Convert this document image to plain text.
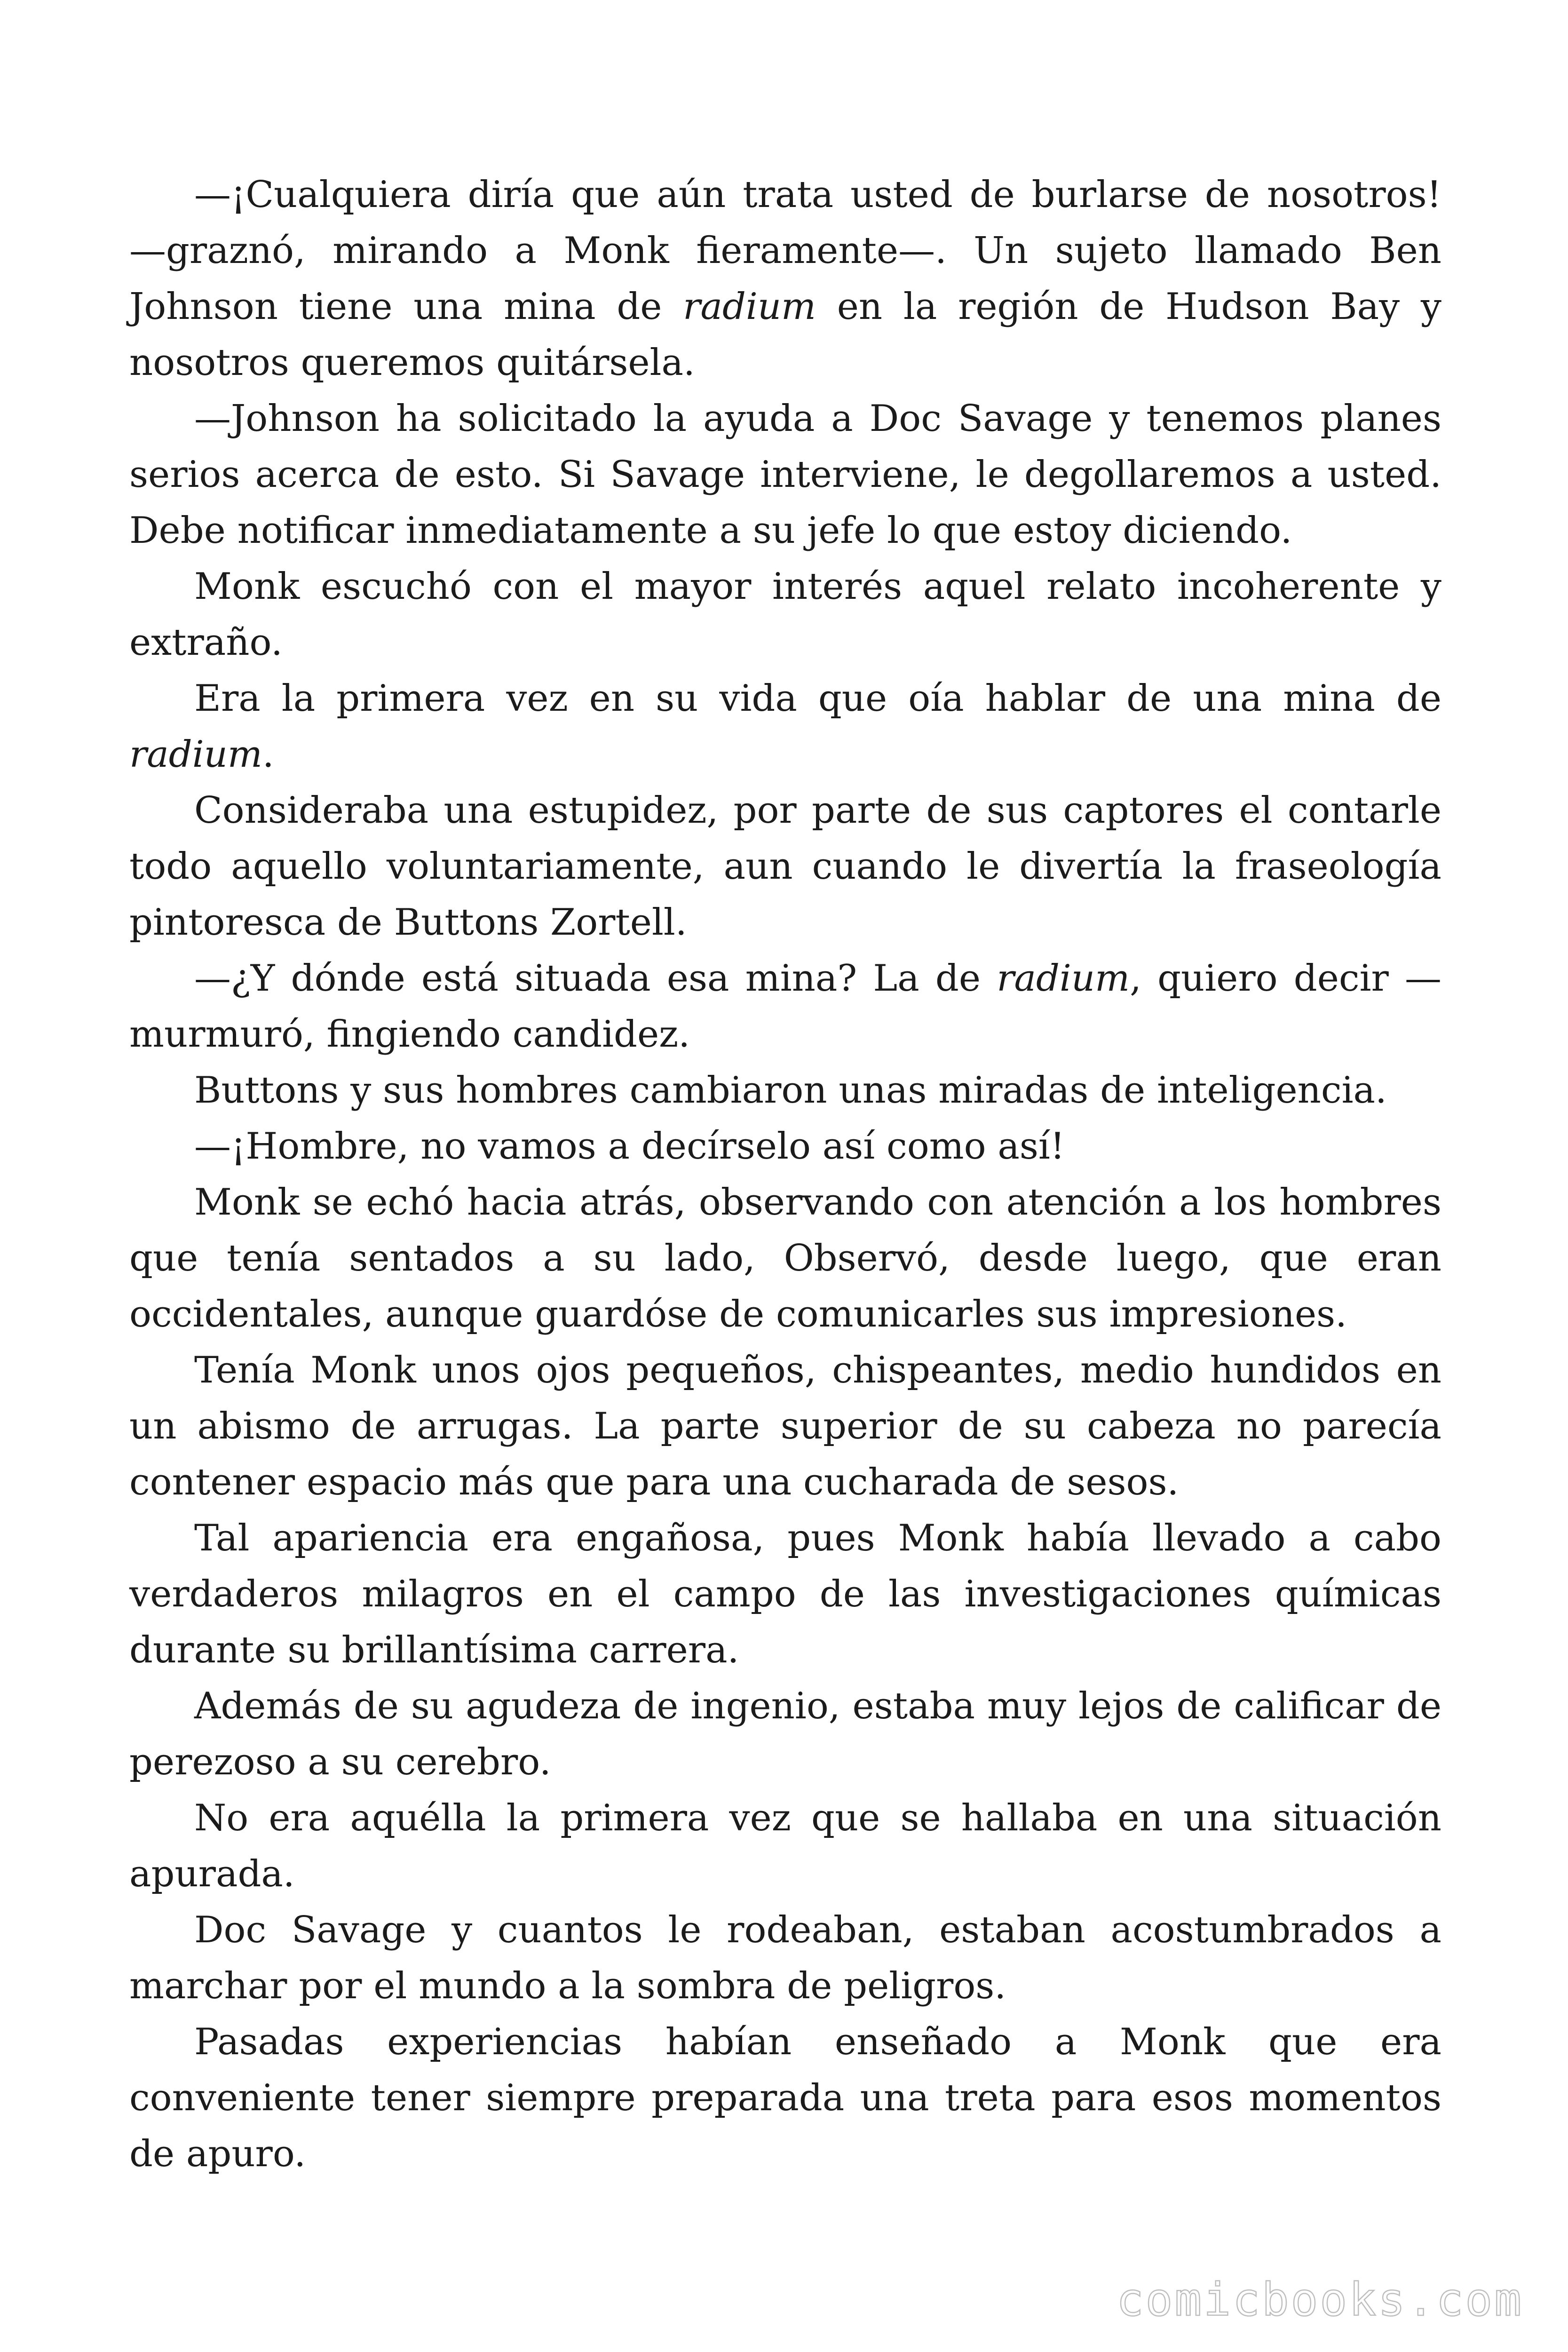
—¡Cualquiera diría que aún trata usted de burlarse de nosotros! —graznó, mirando a Monk fieramente—. Un sujeto llamado Ben Johnson tiene una mina de radium en la región de Hudson Bay y nosotros queremos quitársela.

—Johnson ha solicitado la ayuda a Doc Savage y tenemos planes serios acerca de esto. Si Savage interviene, le degollaremos a usted. Debe notificar inmediatamente a su jefe lo que estoy diciendo.

Monk escuchó con el mayor interés aquel relato incoherente y extraño.

Era la primera vez en su vida que oía hablar de una mina de radium.

Consideraba una estupidez, por parte de sus captores el contarle todo aquello voluntariamente, aun cuando le divertía la fraseología pintoresca de Buttons Zortell.

—¿Y dónde está situada esa mina? La de radium, quiero decir —murmuró, fingiendo candidez.

Buttons y sus hombres cambiaron unas miradas de inteligencia.

—¡Hombre, no vamos a decírselo así como así!

Monk se echó hacia atrás, observando con atención a los hombres que tenía sentados a su lado, Observó, desde luego, que eran occidentales, aunque guardóse de comunicarles sus impresiones.

Tenía Monk unos ojos pequeños, chispeantes, medio hundidos en un abismo de arrugas. La parte superior de su cabeza no parecía contener espacio más que para una cucharada de sesos.

Tal apariencia era engañosa, pues Monk había llevado a cabo verdaderos milagros en el campo de las investigaciones químicas durante su brillantísima carrera.

Además de su agudeza de ingenio, estaba muy lejos de calificar de perezoso a su cerebro.

No era aquélla la primera vez que se hallaba en una situación apurada.

Doc Savage y cuantos le rodeaban, estaban acostumbrados a marchar por el mundo a la sombra de peligros.

Pasadas experiencias habían enseñado a Monk que era conveniente tener siempre preparada una treta para esos momentos de apuro.

comicbooks.com
